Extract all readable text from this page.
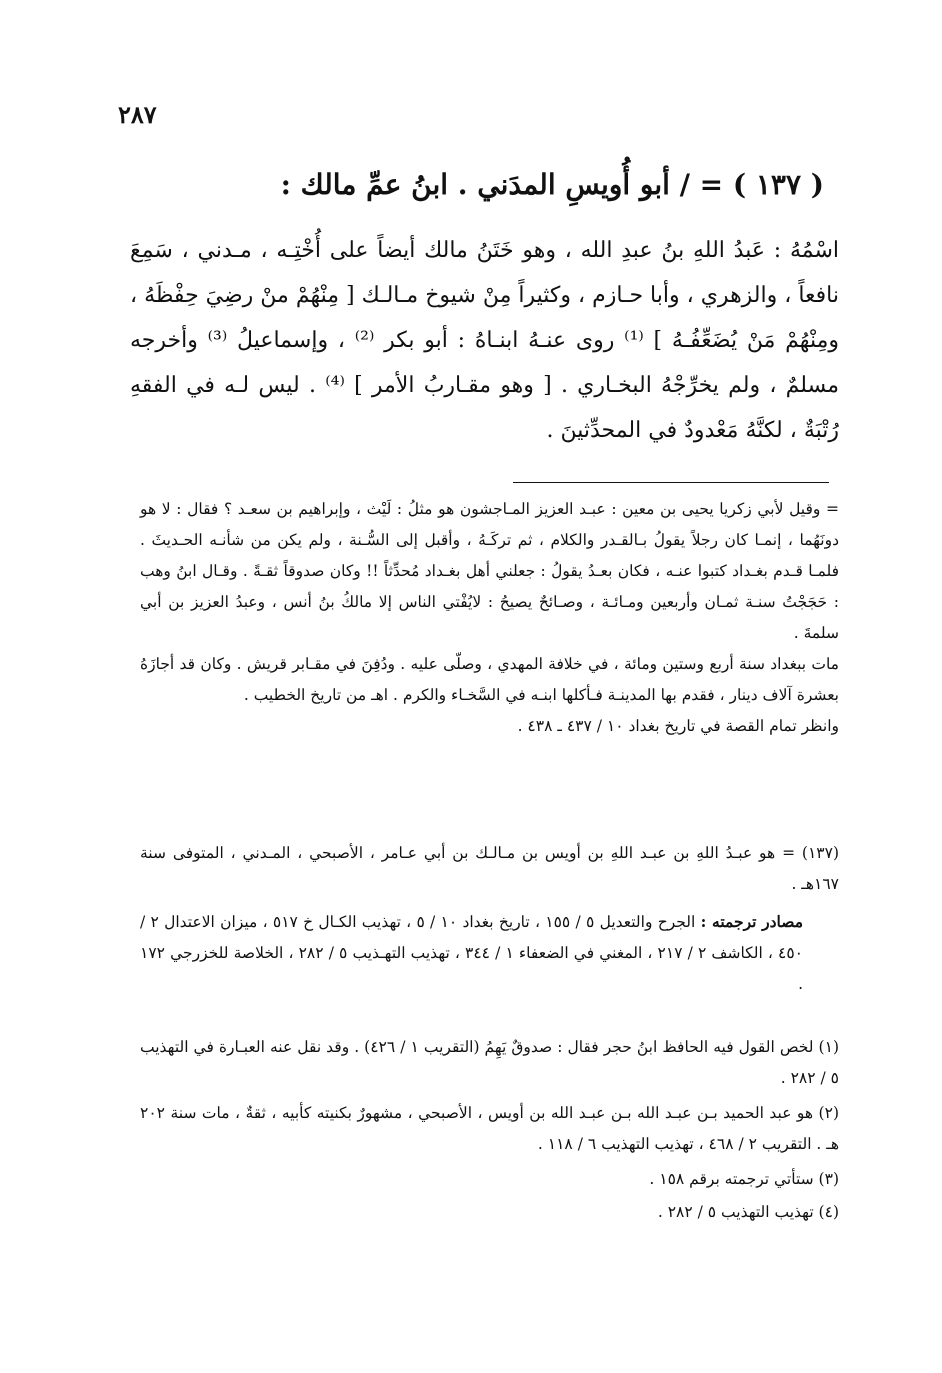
٢٨٧
( ١٣٧ ) = / أبو أُويسِ المدَني . ابنُ عمِّ مالك :

اسْمُهُ : عَبدُ اللهِ بنُ عبدِ الله ، وهو خَتَنُ مالك أيضاً على أُخْتِـه ، مـدني ، سَمِعَ نافعاً ، والزهري ، وأبا حـازم ، وكثيراً مِنْ شيوخ مـالـك [ مِنْهُمْ منْ رضِيَ حِفْظَهُ ، ومِنْهُمْ مَنْ يُضَعِّفُـهُ ] ⁽¹⁾ روى عنـهُ ابنـاهُ : أبو بكر ⁽²⁾ ، وإسماعيلُ ⁽³⁾ وأخرجه مسلمٌ ، ولم يخرِّجْهُ البخـاري . [ وهو مقـاربُ الأمر ] ⁽⁴⁾ . ليس لـه في الفقهِ رُتْبَةٌ ، لكنَّهُ مَعْدودٌ في المحدِّثينَ .

= وقيل لأبي زكريا يحيى بن معين : عبـد العزيز المـاجشون هو مثلُ : لَيْث ، وإبراهيم بن سعـد ؟ فقال : لا هو دونَهُما ، إنمـا كان رجلاً يقولُ بـالقـدر والكلام ، ثم تركَـهُ ، وأقبل إلى السُّـنة ، ولم يكن من شأنـه الحـديثَ . فلمـا قـدم بغـداد كتبوا عنـه ، فكان بعـدُ يقولُ : جعلني أهل بغـداد مُحدِّثاً !! وكان صدوقاً ثقـةً . وقـال ابنُ وهب : حَجَجْتُ سنـة ثمـان وأربعين ومـائـة ، وصـائحٌ يصيحُ : لايُفْتي الناس إلا مالكُ بنُ أنس ، وعبدُ العزيز بن أبي سلمةَ .

مات ببغداد سنة أربع وستين ومائة ، في خلافة المهدي ، وصلّى عليه . ودُفِنَ في مقـابر قريش . وكان قد أجازَهُ بعشرة آلاف دينار ، فقدم بها المدينـة فـأكلها ابنـه في السَّخـاء والكرم . اهـ من تاريخ الخطيب .

وانظر تمام القصة في تاريخ بغداد ١٠ / ٤٣٧ ـ ٤٣٨ .

(١٣٧) = هو عبـدُ اللهِ بن عبـد اللهِ بن أويس بن مـالـك بن أبي عـامر ، الأصبحي ، المـدني ، المتوفى سنة ١٦٧هـ .

مصادر ترجمته : الجرح والتعديل ٥ / ١٥٥ ، تاريخ بغداد ١٠ / ٥ ، تهذيب الكـال خ ٥١٧ ، ميزان الاعتدال ٢ / ٤٥٠ ، الكاشف ٢ / ٢١٧ ، المغني في الضعفاء ١ / ٣٤٤ ، تهذيب التهـذيب ٥ / ٢٨٢ ، الخلاصة للخزرجي ١٧٢ .

(١) لخص القول فيه الحافظ ابنُ حجر فقال : صدوقٌ يَهِمُ (التقريب ١ / ٤٢٦) . وقد نقل عنه العبـارة في التهذيب ٥ / ٢٨٢ .

(٢) هو عبد الحميد بـن عبـد الله بـن عبـد الله بن أويس ، الأصبحي ، مشهورٌ بكنيته كأبيه ، ثقةٌ ، مات سنة ٢٠٢ هـ . التقريب ٢ / ٤٦٨ ، تهذيب التهذيب ٦ / ١١٨ .

(٣) ستأتي ترجمته برقم ١٥٨ .

(٤) تهذيب التهذيب ٥ / ٢٨٢ .
